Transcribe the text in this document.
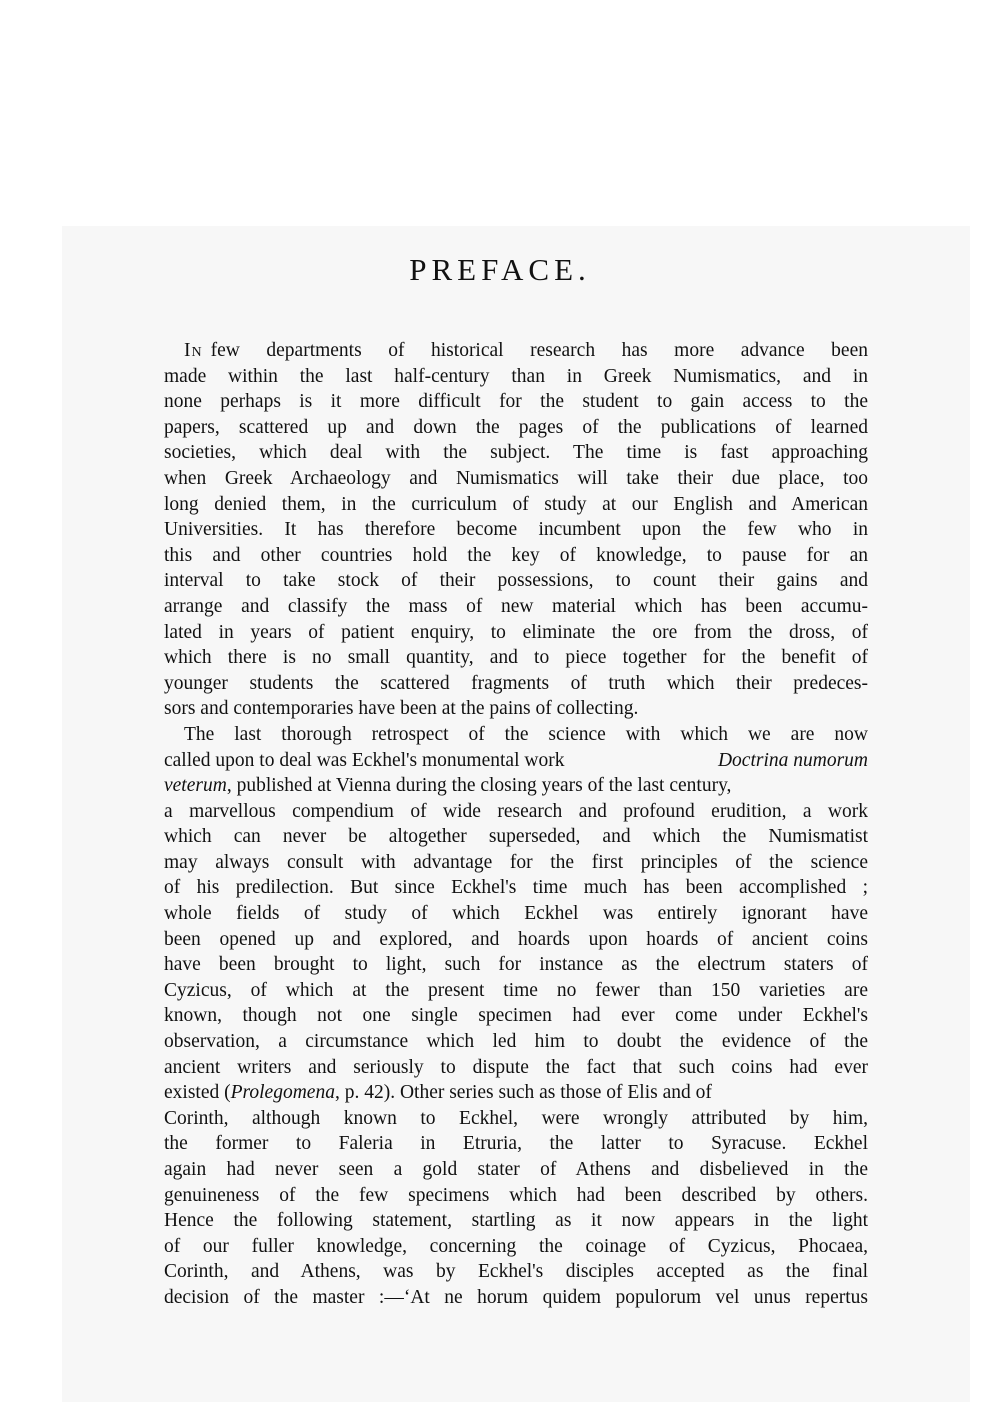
PREFACE.
In few departments of historical research has more advance been
made within the last half-century than in Greek Numismatics, and in
none perhaps is it more difficult for the student to gain access to the
papers, scattered up and down the pages of the publications of learned
societies, which deal with the subject. The time is fast approaching
when Greek Archaeology and Numismatics will take their due place, too
long denied them, in the curriculum of study at our English and American
Universities. It has therefore become incumbent upon the few who in
this and other countries hold the key of knowledge, to pause for an
interval to take stock of their possessions, to count their gains and
arrange and classify the mass of new material which has been accumu-
lated in years of patient enquiry, to eliminate the ore from the dross, of
which there is no small quantity, and to piece together for the benefit of
younger students the scattered fragments of truth which their predeces-
sors and contemporaries have been at the pains of collecting.
The last thorough retrospect of the science with which we are now
called upon to deal was Eckhel's monumental work	Doctrina numorum
veterum , published at Vienna during the closing years of the last century,
a marvellous compendium of wide research and profound erudition, a work
which can never be altogether superseded, and which the Numismatist
may always consult with advantage for the first principles of the science
of his predilection. But since Eckhel's time much has been accomplished ;
whole fields of study of which Eckhel was entirely ignorant have
been opened up and explored, and hoards upon hoards of ancient coins
have been brought to light, such for instance as the electrum staters of
Cyzicus, of which at the present time no fewer than 150 varieties are
known, though not one single specimen had ever come under Eckhel's
observation, a circumstance which led him to doubt the evidence of the
ancient writers and seriously to dispute the fact that such coins had ever
existed ( Prolegomena , p. 42). Other series such as those of Elis and of
Corinth, although known to Eckhel, were wrongly attributed by him,
the former to Faleria in Etruria, the latter to Syracuse. Eckhel
again had never seen a gold stater of Athens and disbelieved in the
genuineness of the few specimens which had been described by others.
Hence the following statement, startling as it now appears in the light
of our fuller knowledge, concerning the coinage of Cyzicus, Phocaea,
Corinth, and Athens, was by Eckhel's disciples accepted as the final
decision of the master :—‘At ne horum quidem populorum vel unus repertus
